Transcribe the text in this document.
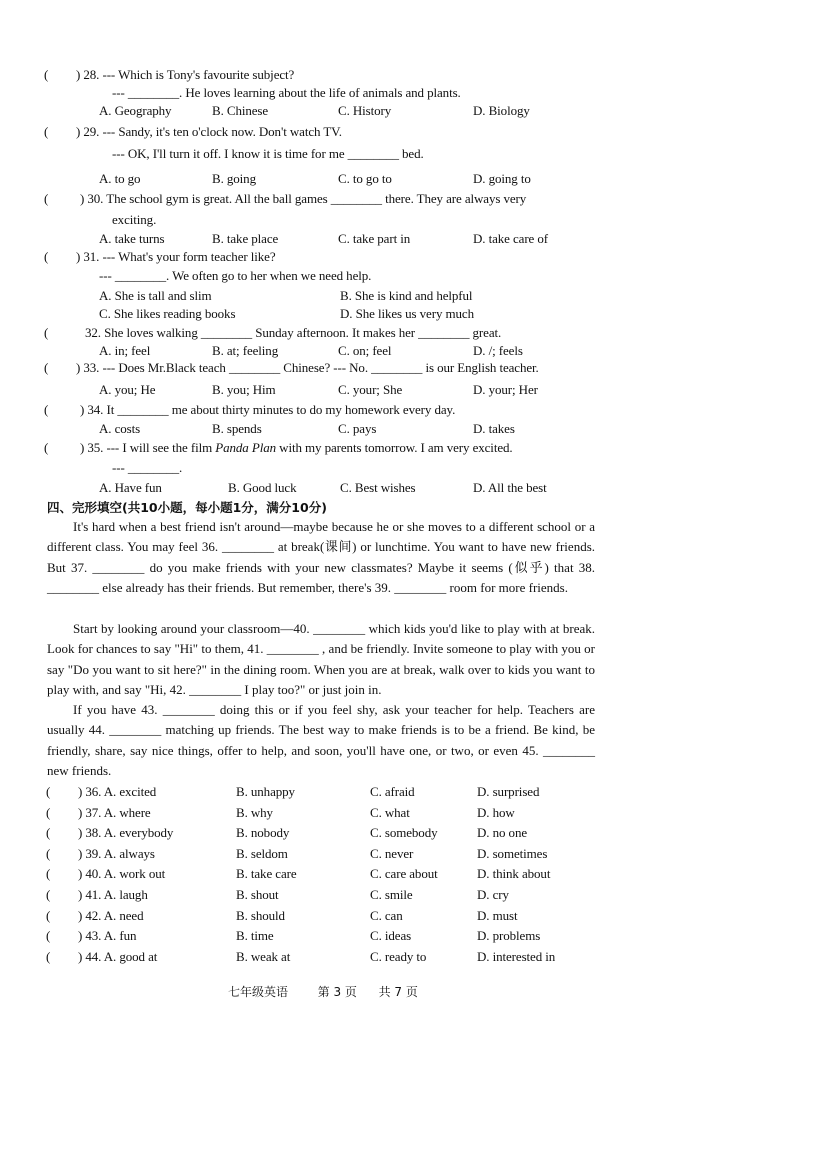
( ) 28. --- Which is Tony's favourite subject?
--- ________. He loves learning about the life of animals and plants.
A. Geography	B. Chinese	C. History	D. Biology
( ) 29. --- Sandy, it's ten o'clock now. Don't watch TV.
--- OK, I'll turn it off. I know it is time for me ________ bed.
A. to go	B. going	C. to go to	D. going to
( ) 30. The school gym is great. All the ball games ________ there. They are always very
exciting.
A. take turns	B. take place	C. take part in	D. take care of
( ) 31. --- What's your form teacher like?
--- ________. We often go to her when we need help.
A. She is tall and slim	B. She is kind and helpful
C. She likes reading books	D. She likes us very much
(	32. She loves walking ________ Sunday afternoon. It makes her ________ great.
A. in; feel	B. at; feeling	C. on; feel	D. /; feels
( ) 33. --- Does Mr.Black teach ________ Chinese? --- No. ________ is our English teacher.
A. you; He	B. you; Him	C. your; She	D. your; Her
( ) 34. It ________ me about thirty minutes to do my homework every day.
A. costs	B. spends	C. pays	D. takes
( ) 35. --- I will see the film Panda Plan with my parents tomorrow. I am very excited.
--- ________.
A. Have fun	B. Good luck	C. Best wishes	D. All the best
四、完形填空(共10小题，每小题1分，满分10分)

It's hard when a best friend isn't around—maybe because he or she moves to a different school or a different class. You may feel 36. ________ at break(课间) or lunchtime. You want to have new friends. But 37. ________ do you make friends with your new classmates? Maybe it seems (似乎) that 38. ________ else already has their friends. But remember, there's 39. ________ room for more friends.

Start by looking around your classroom—40. ________ which kids you'd like to play with at break. Look for chances to say "Hi" to them, 41. ________ , and be friendly. Invite someone to play with you or say "Do you want to sit here?" in the dining room. When you are at break, walk over to kids you want to play with, and say "Hi, 42. ________ I play too?" or just join in.

If you have 43. ________ doing this or if you feel shy, ask your teacher for help. Teachers are usually 44. ________ matching up friends. The best way to make friends is to be a friend. Be kind, be friendly, share, say nice things, offer to help, and soon, you'll have one, or two, or even 45. ________ new friends.

( ) 36. A. excited	B. unhappy	C. afraid	D. surprised
( ) 37. A. where	B. why	C. what	D. how
( ) 38. A. everybody	B. nobody	C. somebody	D. no one
( ) 39. A. always	B. seldom	C. never	D. sometimes
( ) 40. A. work out	B. take care	C. care about	D. think about
( ) 41. A. laugh	B. shout	C. smile	D. cry
( ) 42. A. need	B. should	C. can	D. must
( ) 43. A. fun	B. time	C. ideas	D. problems
( ) 44. A. good at	B. weak at	C. ready to	D. interested in
七年级英语 第 3 页 共 7 页
